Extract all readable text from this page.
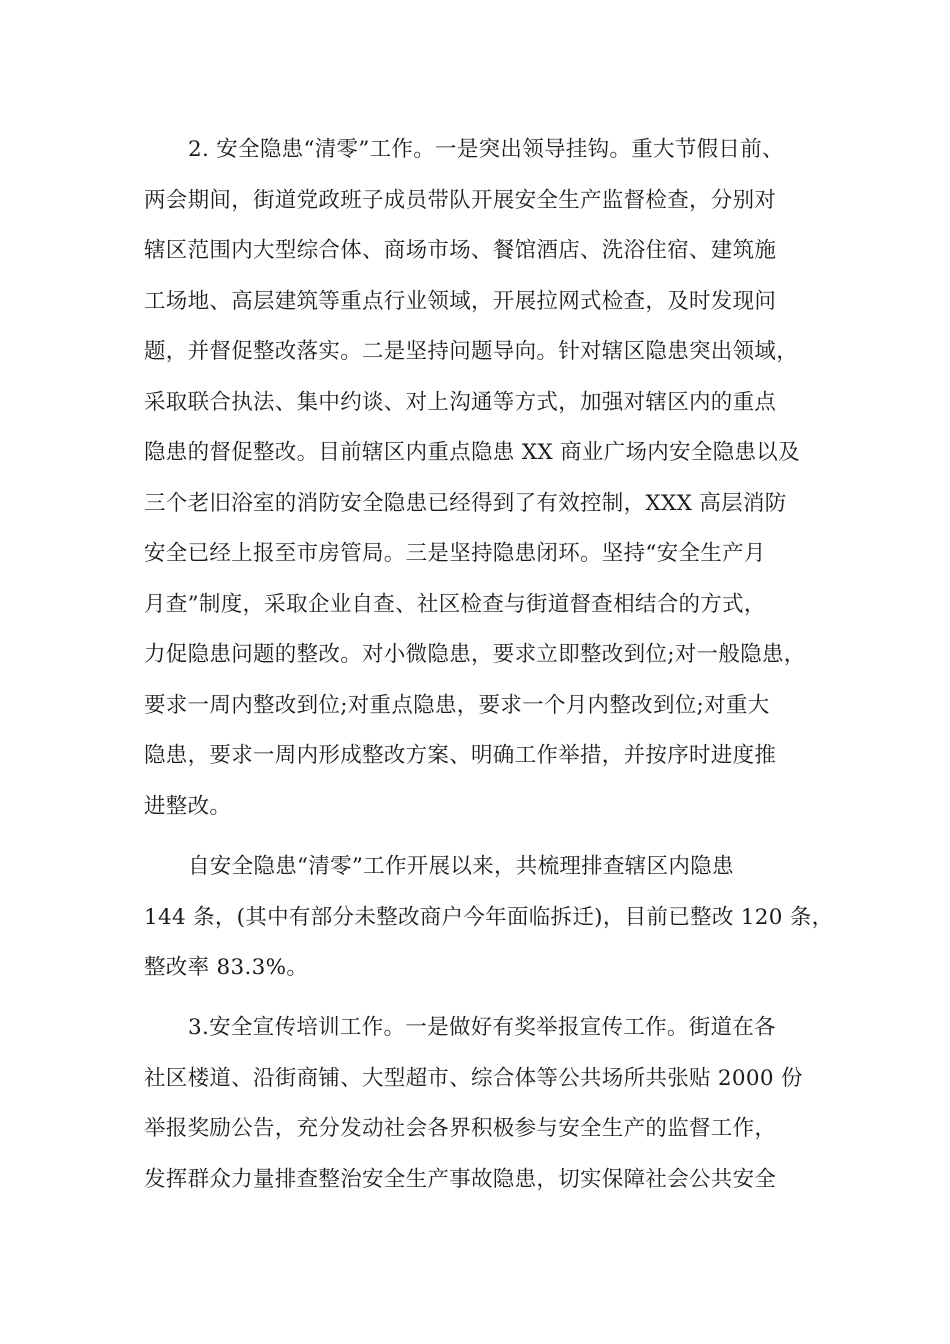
2. 安全隐患“清零”工作。一是突出领导挂钩。重大节假日前、
两会期间，街道党政班子成员带队开展安全生产监督检查，分别对
辖区范围内大型综合体、商场市场、餐馆酒店、洗浴住宿、建筑施
工场地、高层建筑等重点行业领域，开展拉网式检查，及时发现问
题，并督促整改落实。二是坚持问题导向。针对辖区隐患突出领域，
采取联合执法、集中约谈、对上沟通等方式，加强对辖区内的重点
隐患的督促整改。目前辖区内重点隐患 XX 商业广场内安全隐患以及
三个老旧浴室的消防安全隐患已经得到了有效控制，XXX 高层消防
安全已经上报至市房管局。三是坚持隐患闭环。坚持“安全生产月
月查”制度，采取企业自查、社区检查与街道督查相结合的方式，
力促隐患问题的整改。对小微隐患，要求立即整改到位;对一般隐患，
要求一周内整改到位;对重点隐患，要求一个月内整改到位;对重大
隐患，要求一周内形成整改方案、明确工作举措，并按序时进度推
进整改。
自安全隐患“清零”工作开展以来，共梳理排查辖区内隐患
144 条，(其中有部分未整改商户今年面临拆迁)，目前已整改 120 条，
整改率 83.3%。
3.安全宣传培训工作。一是做好有奖举报宣传工作。街道在各
社区楼道、沿街商铺、大型超市、综合体等公共场所共张贴 2000 份
举报奖励公告，充分发动社会各界积极参与安全生产的监督工作，
发挥群众力量排查整治安全生产事故隐患，切实保障社会公共安全
